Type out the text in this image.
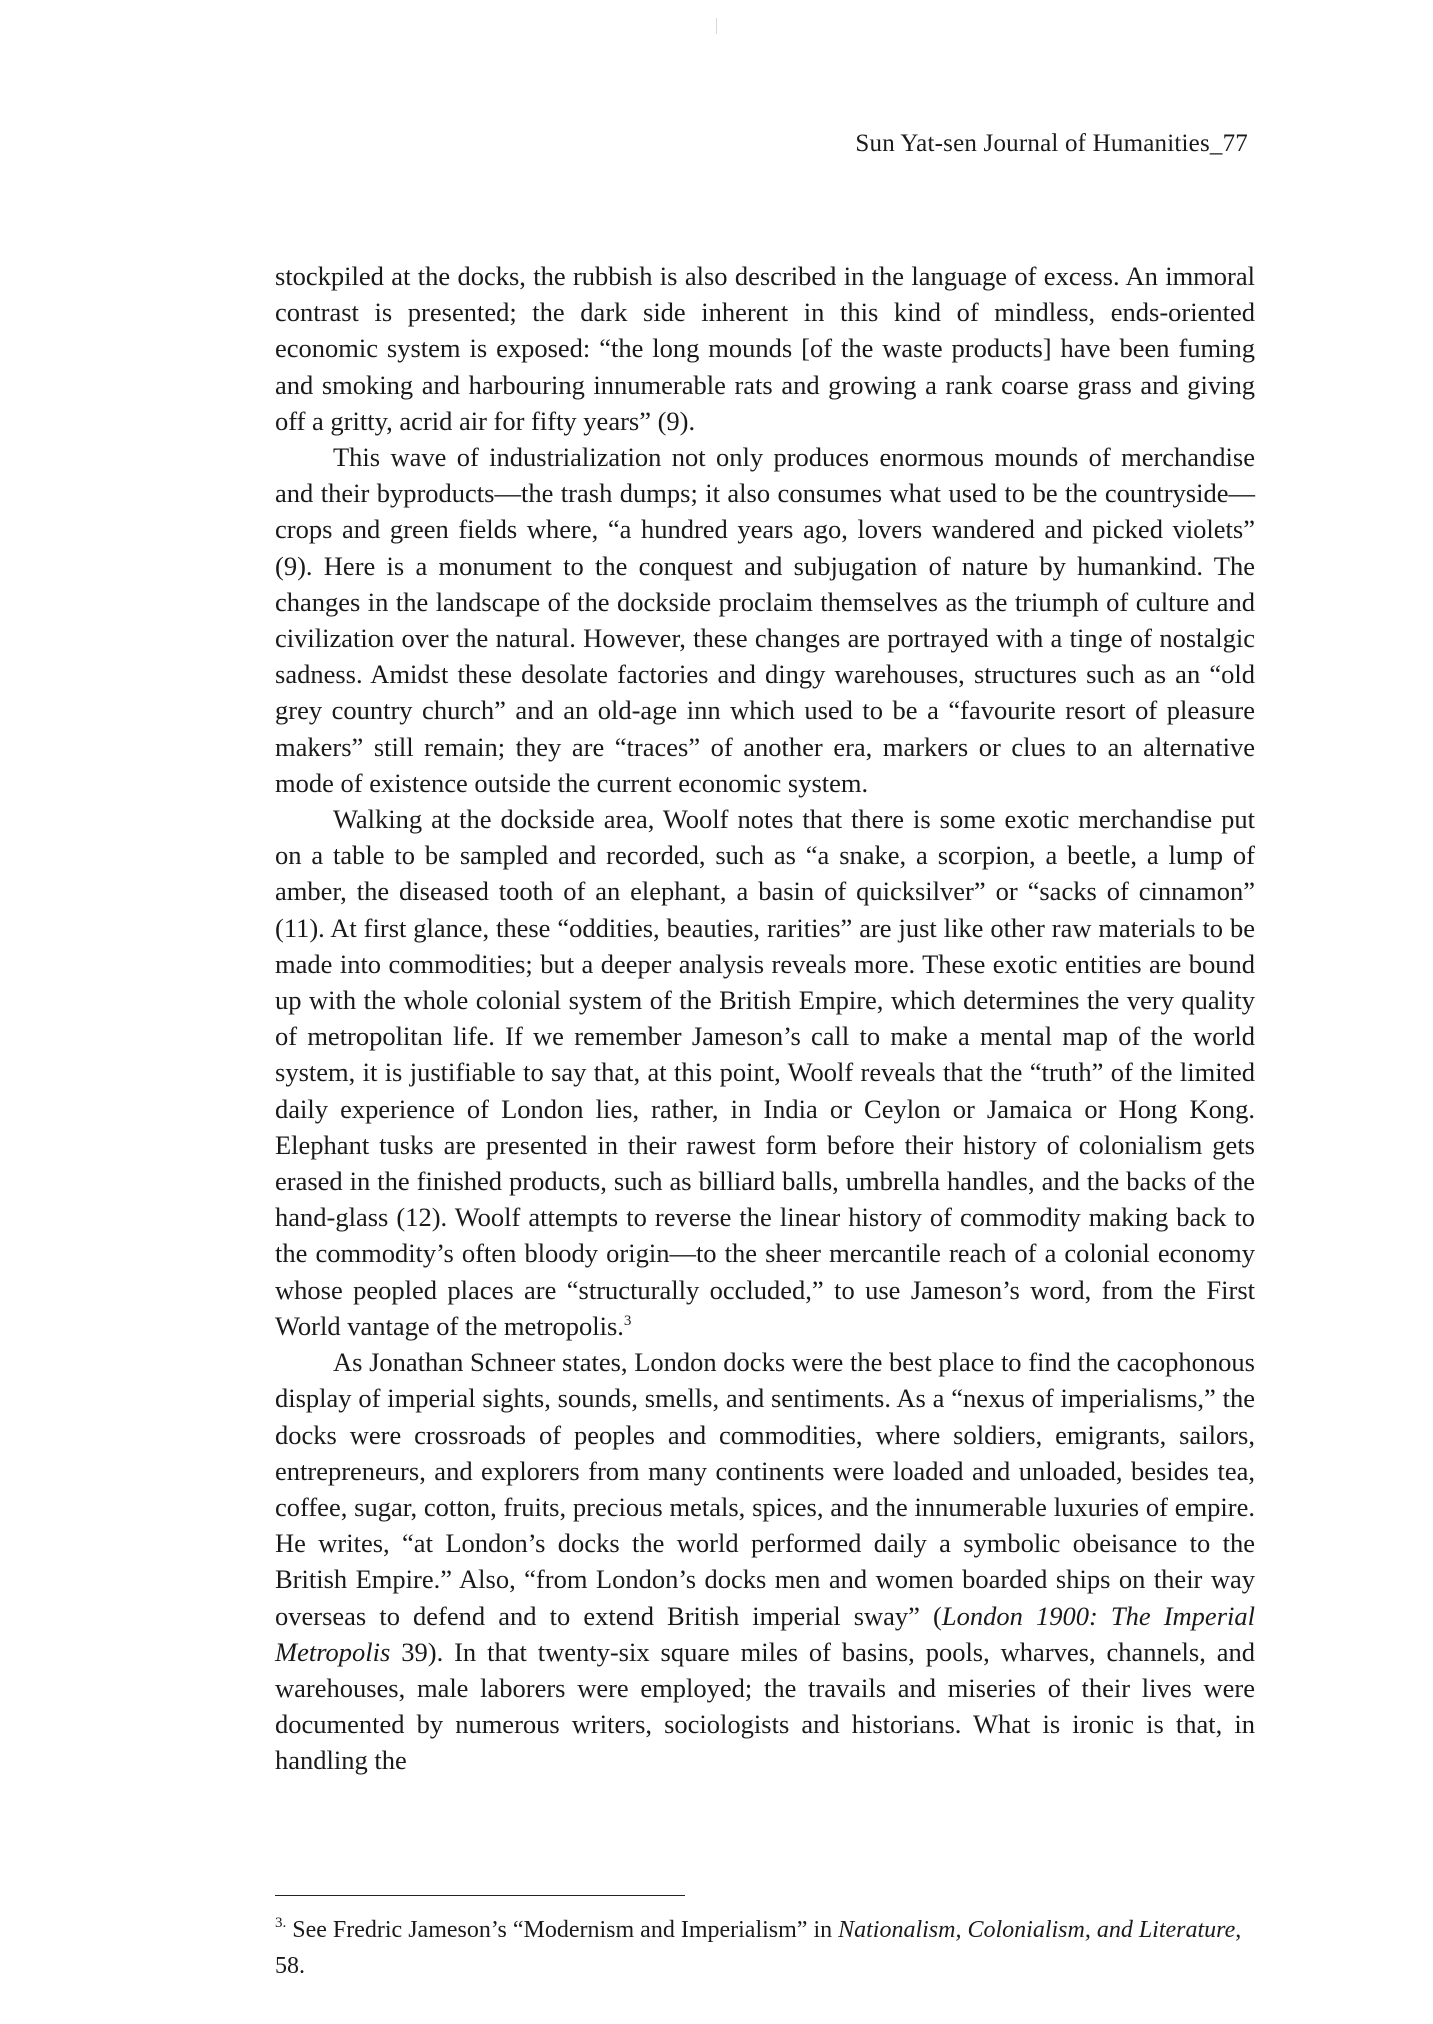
Sun Yat-sen Journal of Humanities_77

stockpiled at the docks, the rubbish is also described in the language of excess. An immoral contrast is presented; the dark side inherent in this kind of mindless, ends-oriented economic system is exposed: “the long mounds [of the waste products] have been fuming and smoking and harbouring innumerable rats and growing a rank coarse grass and giving off a gritty, acrid air for fifty years” (9).

This wave of industrialization not only produces enormous mounds of merchandise and their byproducts—the trash dumps; it also consumes what used to be the countryside—crops and green fields where, “a hundred years ago, lovers wandered and picked violets” (9). Here is a monument to the conquest and subjugation of nature by humankind. The changes in the landscape of the dockside proclaim themselves as the triumph of culture and civilization over the natural. However, these changes are portrayed with a tinge of nostalgic sadness. Amidst these desolate factories and dingy warehouses, structures such as an “old grey country church” and an old-age inn which used to be a “favourite resort of pleasure makers” still remain; they are “traces” of another era, markers or clues to an alternative mode of existence outside the current economic system.

Walking at the dockside area, Woolf notes that there is some exotic merchandise put on a table to be sampled and recorded, such as “a snake, a scorpion, a beetle, a lump of amber, the diseased tooth of an elephant, a basin of quicksilver” or “sacks of cinnamon” (11). At first glance, these “oddities, beauties, rarities” are just like other raw materials to be made into commodities; but a deeper analysis reveals more. These exotic entities are bound up with the whole colonial system of the British Empire, which determines the very quality of metropolitan life. If we remember Jameson’s call to make a mental map of the world system, it is justifiable to say that, at this point, Woolf reveals that the “truth” of the limited daily experience of London lies, rather, in India or Ceylon or Jamaica or Hong Kong. Elephant tusks are presented in their rawest form before their history of colonialism gets erased in the finished products, such as billiard balls, umbrella handles, and the backs of the hand-glass (12). Woolf attempts to reverse the linear history of commodity making back to the commodity’s often bloody origin—to the sheer mercantile reach of a colonial economy whose peopled places are “structurally occluded,” to use Jameson’s word, from the First World vantage of the metropolis.$^3$

As Jonathan Schneer states, London docks were the best place to find the cacophonous display of imperial sights, sounds, smells, and sentiments. As a “nexus of imperialisms,” the docks were crossroads of peoples and commodities, where soldiers, emigrants, sailors, entrepreneurs, and explorers from many continents were loaded and unloaded, besides tea, coffee, sugar, cotton, fruits, precious metals, spices, and the innumerable luxuries of empire. He writes, “at London’s docks the world performed daily a symbolic obeisance to the British Empire.” Also, “from London’s docks men and women boarded ships on their way overseas to defend and to extend British imperial sway” (London 1900: The Imperial Metropolis 39). In that twenty-six square miles of basins, pools, wharves, channels, and warehouses, male laborers were employed; the travails and miseries of their lives were documented by numerous writers, sociologists and historians. What is ironic is that, in handling the

$^{3.}$ See Fredric Jameson’s “Modernism and Imperialism” in Nationalism, Colonialism, and Literature, 58.
